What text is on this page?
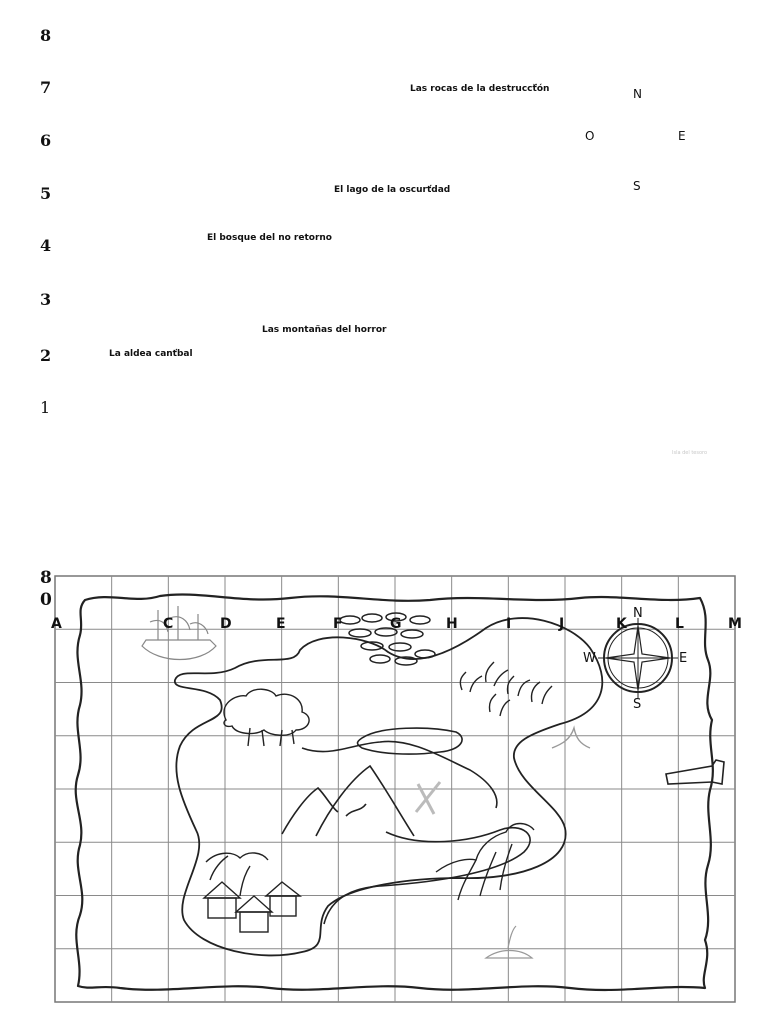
8
7
6
5
4
3
2
1
Las rocas de la destruccť̆ón
El lago de la oscurťdad
El bosque del no retorno
Las montañas del horror
La aldea canťbal
N
O	E
S
Isla del tesoro
8
0
A	C	D	E	F	G	H	I	J	K	L	M
N
W	E
S
